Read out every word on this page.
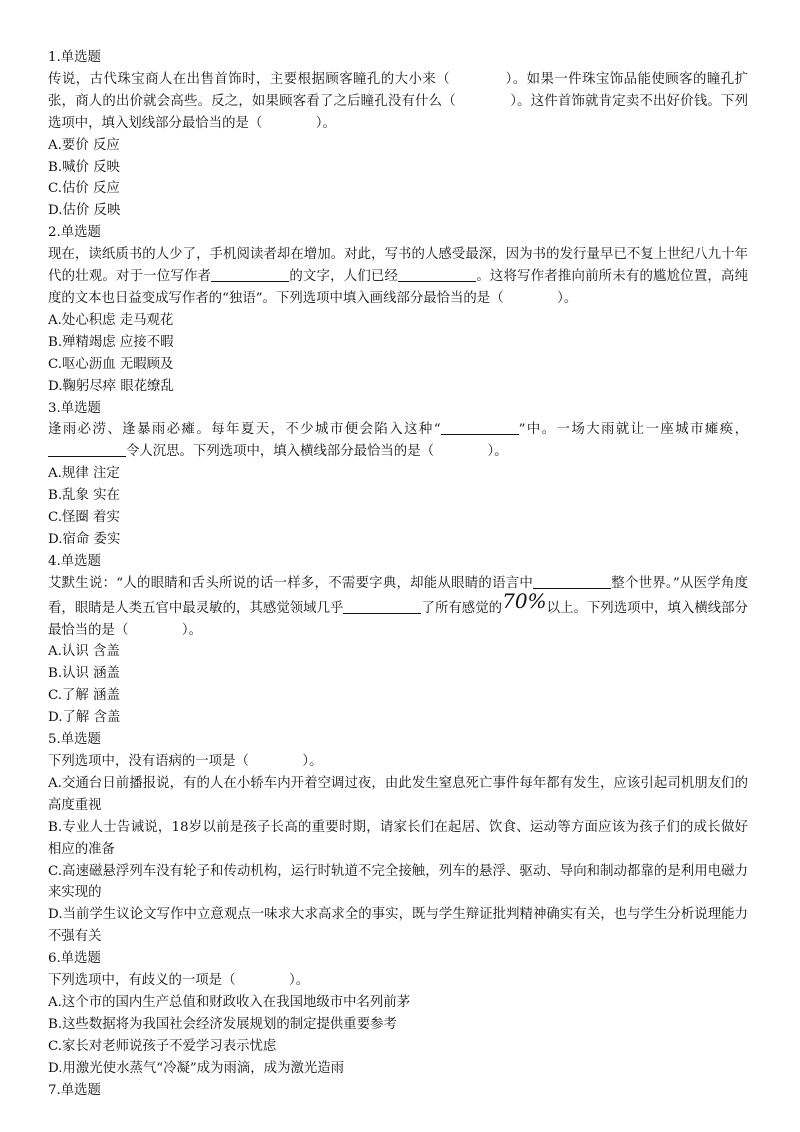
1.单选题
传说，古代珠宝商人在出售首饰时，主要根据顾客瞳孔的大小来（　　　　）。如果一件珠宝饰品能使顾客的瞳孔扩张，商人的出价就会高些。反之，如果顾客看了之后瞳孔没有什么（　　　　）。这件首饰就肯定卖不出好价钱。下列选项中，填入划线部分最恰当的是（　　　　）。
A.要价 反应
B.喊价 反映
C.估价 反应
D.估价 反映
2.单选题
现在，读纸质书的人少了，手机阅读者却在增加。对此，写书的人感受最深，因为书的发行量早已不复上世纪八九十年代的壮观。对于一位写作者	的文字，人们已经	。这将写作者推向前所未有的尴尬位置，高纯度的文本也日益变成写作者的“独语”。下列选项中填入画线部分最恰当的是（　　　　）。
A.处心积虑 走马观花
B.殚精竭虑 应接不暇
C.呕心沥血 无暇顾及
D.鞠躬尽瘁 眼花缭乱
3.单选题
逢雨必涝、逢暴雨必瘫。每年夏天，不少城市便会陷入这种“	”中。一场大雨就让一座城市瘫痪，令人沉思。下列选项中，填入横线部分最恰当的是（　　　　）。
A.规律 注定
B.乱象 实在
C.怪圈 着实
D.宿命 委实
4.单选题
艾默生说：“人的眼睛和舌头所说的话一样多，不需要字典，却能从眼睛的语言中	整个世界。”从医学角度看，眼睛是人类五官中最灵敏的，其感觉领域几乎	了所有感觉的70%以上。下列选项中，填入横线部分最恰当的是（　　　　）。
A.认识 含盖
B.认识 涵盖
C.了解 涵盖
D.了解 含盖
5.单选题
下列选项中，没有语病的一项是（　　　　）。
A.交通台日前播报说，有的人在小轿车内开着空调过夜，由此发生窒息死亡事件每年都有发生，应该引起司机朋友们的高度重视
B.专业人士告诫说，18岁以前是孩子长高的重要时期，请家长们在起居、饮食、运动等方面应该为孩子们的成长做好相应的准备
C.高速磁悬浮列车没有轮子和传动机构，运行时轨道不完全接触，列车的悬浮、驱动、导向和制动都靠的是利用电磁力来实现的
D.当前学生议论文写作中立意观点一味求大求高求全的事实，既与学生辩证批判精神确实有关，也与学生分析说理能力不强有关
6.单选题
下列选项中，有歧义的一项是（　　　　）。
A.这个市的国内生产总值和财政收入在我国地级市中名列前茅
B.这些数据将为我国社会经济发展规划的制定提供重要参考
C.家长对老师说孩子不爱学习表示忧虑
D.用激光使水蒸气“冷凝”成为雨滴，成为激光造雨
7.单选题
